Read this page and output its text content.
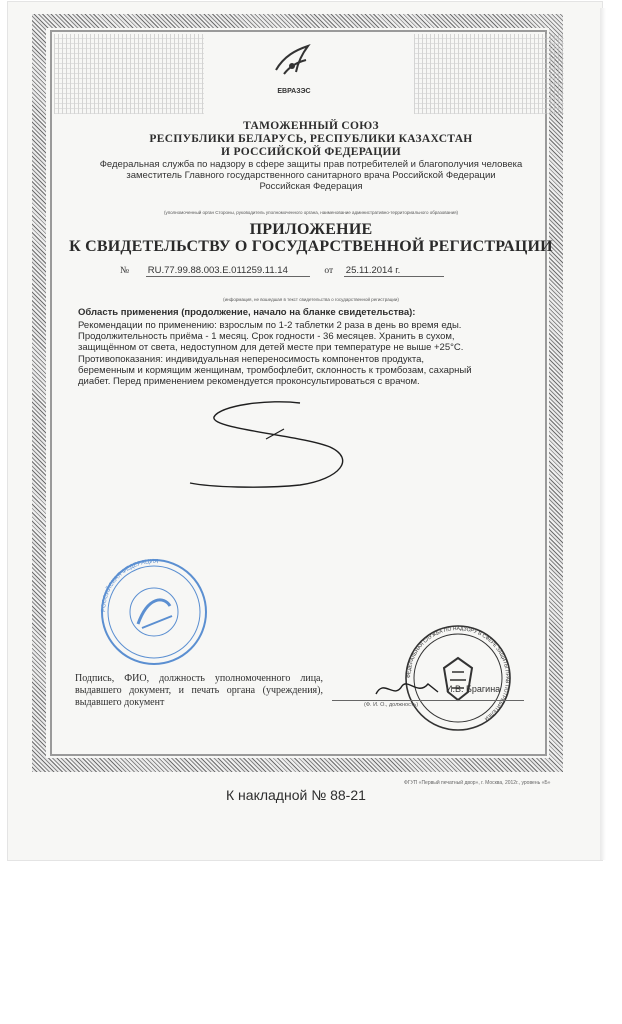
ЕВРАЗЭС
ТАМОЖЕННЫЙ СОЮЗ
РЕСПУБЛИКИ БЕЛАРУСЬ, РЕСПУБЛИКИ КАЗАХСТАН
И РОССИЙСКОЙ ФЕДЕРАЦИИ
Федеральная служба по надзору в сфере защиты прав потребителей и благополучия человека
заместитель Главного государственного санитарного врача Российской Федерации
Российская Федерация
(уполномоченный орган Стороны, руководитель уполномоченного органа, наименование административно-территориального образования)
ПРИЛОЖЕНИЕ
К СВИДЕТЕЛЬСТВУ О ГОСУДАРСТВЕННОЙ РЕГИСТРАЦИИ
№ RU.77.99.88.003.E.011259.11.14	от 25.11.2014 г.
(информация, не вошедшая в текст свидетельства о государственной регистрации)
Область применения (продолжение, начало на бланке свидетельства):
Рекомендации по применению: взрослым по 1-2 таблетки 2 раза в день во время еды. Продолжительность приёма - 1 месяц. Срок годности - 36 месяцев. Хранить в сухом, защищённом от света, недоступном для детей месте при температуре не выше +25°С. Противопоказания: индивидуальная непереносимость компонентов продукта, беременным и кормящим женщинам, тромбофлебит, склонность к тромбозам, сахарный диабет. Перед применением рекомендуется проконсультироваться с врачом.
РОССИЙСКАЯ ФЕДЕРАЦИЯ
ФЕДЕРАЛЬНАЯ СЛУЖБА ПО НАДЗОРУ В СФЕРЕ ЗАЩИТЫ ПРАВ ПОТРЕБИТЕЛЕЙ
Подпись, ФИО, должность уполномоченного лица, выдавшего документ, и печать органа (учреждения), выдавшего документ
И.В. Брагина
(Ф. И. О., должность)
К накладной № 88-21
ФГУП «Первый печатный двор», г. Москва, 2012г., уровень «Б»
